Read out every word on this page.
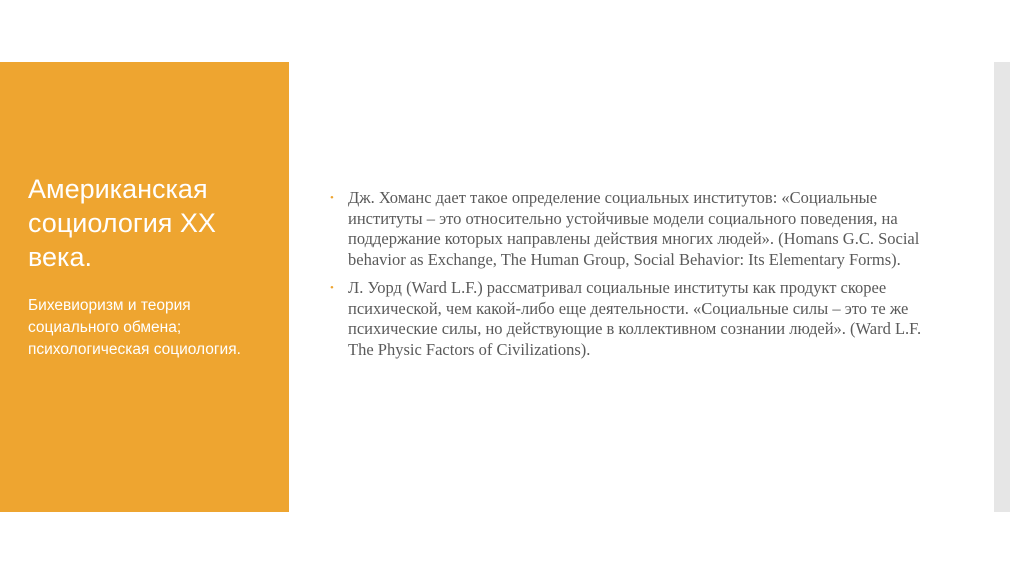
Американская социология XX века.

Бихевиоризм и теория социального обмена; психологическая социология.

• Дж. Хоманс дает такое определение социальных институтов: «Социальные институты – это относительно устойчивые модели социального поведения, на поддержание которых направлены действия многих людей». (Homans G.C. Social behavior as Exchange, The Human Group, Social Behavior: Its Elementary Forms).
• Л. Уорд (Ward L.F.) рассматривал социальные институты как продукт скорее психической, чем какой-либо еще деятельности. «Социальные силы – это те же психические силы, но действующие в коллективном сознании людей». (Ward L.F. The Physic Factors of Civilizations).
